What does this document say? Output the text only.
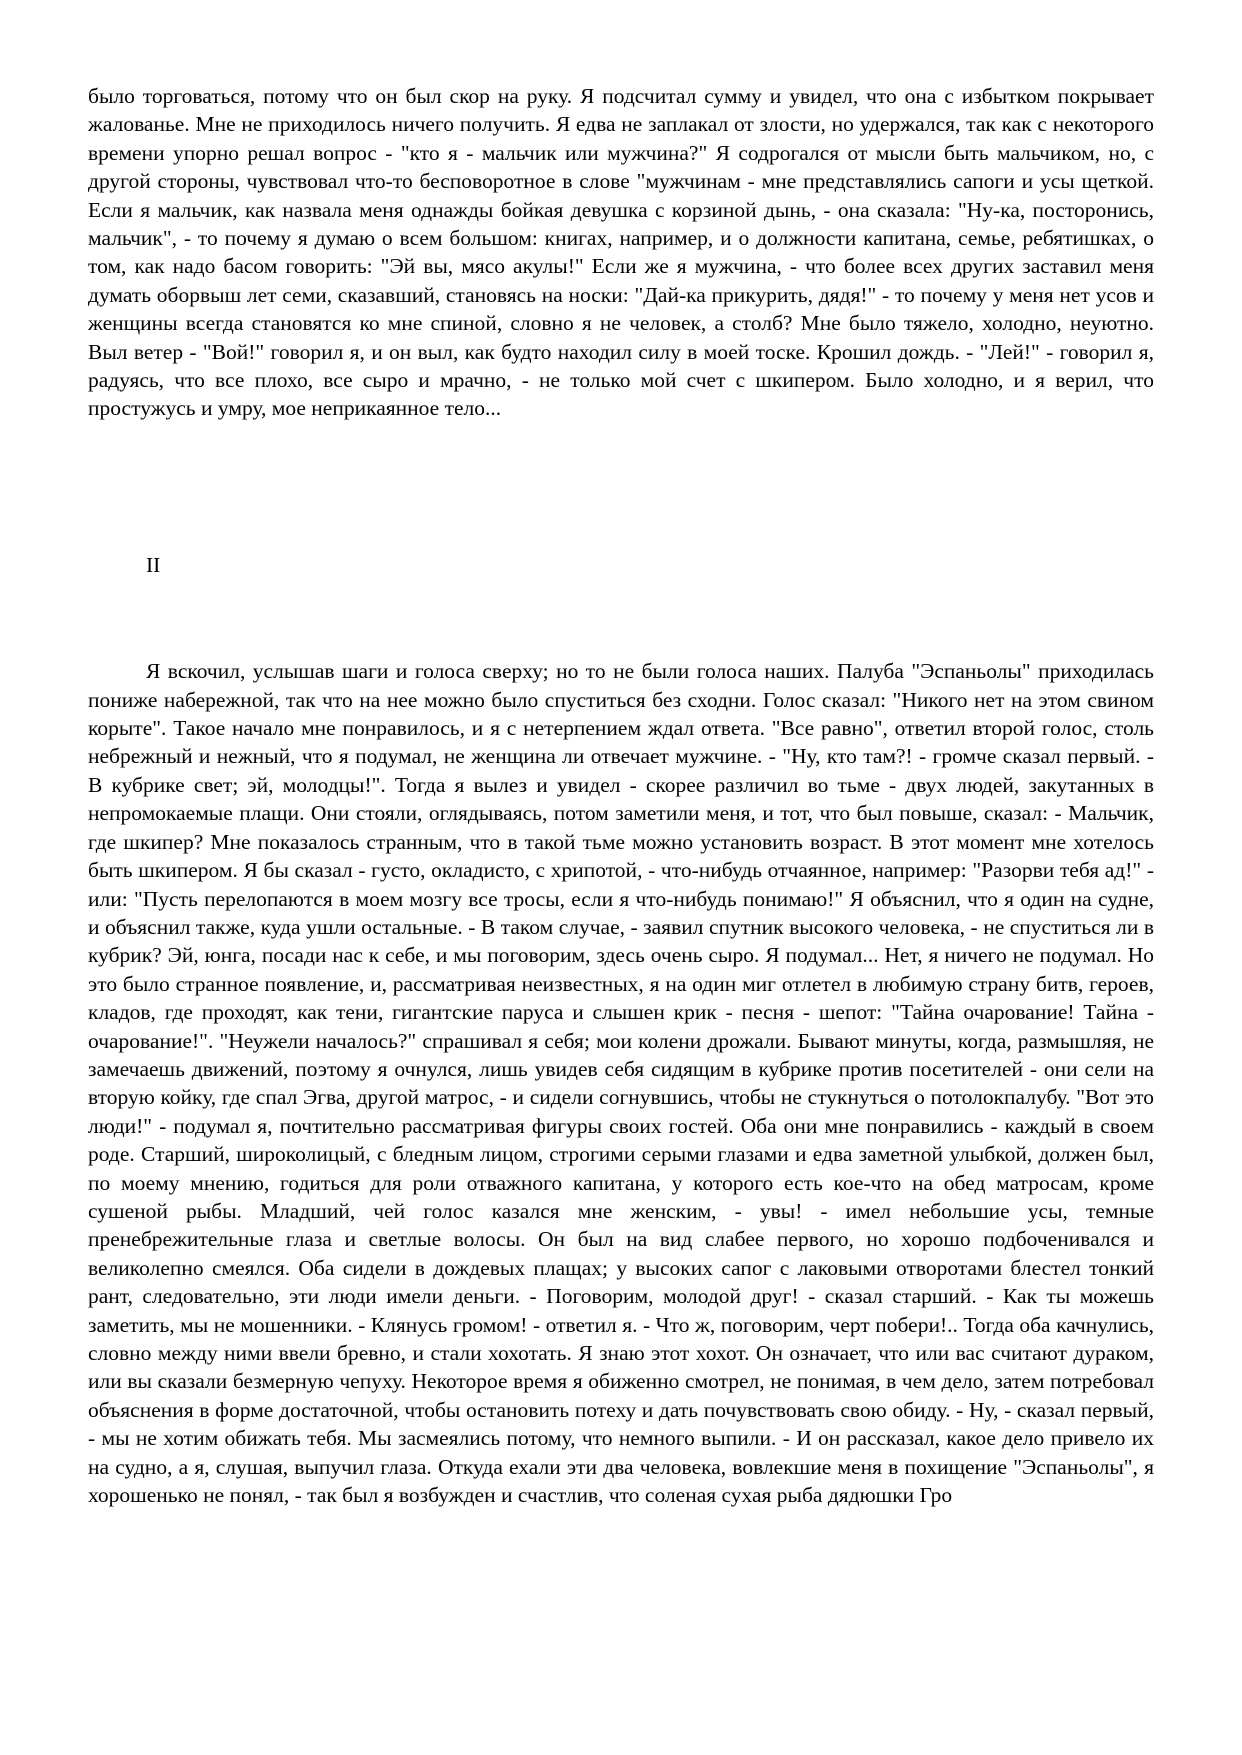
было торговаться, потому что он был скор на руку. Я подсчитал сумму и увидел, что она с избытком покрывает жалованье. Мне не приходилось ничего получить. Я едва не заплакал от злости, но удержался, так как с некоторого времени упорно решал вопрос - "кто я - мальчик или мужчина?" Я содрогался от мысли быть мальчиком, но, с другой стороны, чувствовал что-то бесповоротное в слове "мужчинам - мне представлялись сапоги и усы щеткой. Если я мальчик, как назвала меня однажды бойкая девушка с корзиной дынь, - она сказала: "Ну-ка, посторонись, мальчик", - то почему я думаю о всем большом: книгах, например, и о должности капитана, семье, ребятишках, о том, как надо басом говорить: "Эй вы, мясо акулы!" Если же я мужчина, - что более всех других заставил меня думать оборвыш лет семи, сказавший, становясь на носки: "Дай-ка прикурить, дядя!" - то почему у меня нет усов и женщины всегда становятся ко мне спиной, словно я не человек, а столб? Мне было тяжело, холодно, неуютно. Выл ветер - "Вой!" говорил я, и он выл, как будто находил силу в моей тоске. Крошил дождь. - "Лей!" - говорил я, радуясь, что все плохо, все сыро и мрачно, - не только мой счет с шкипером. Было холодно, и я верил, что простужусь и умру, мое неприкаянное тело...

II

Я вскочил, услышав шаги и голоса сверху; но то не были голоса наших. Палуба "Эспаньолы" приходилась пониже набережной, так что на нее можно было спуститься без сходни. Голос сказал: "Никого нет на этом свином корыте". Такое начало мне понравилось, и я с нетерпением ждал ответа. "Все равно", ответил второй голос, столь небрежный и нежный, что я подумал, не женщина ли отвечает мужчине. - "Ну, кто там?! - громче сказал первый. - В кубрике свет; эй, молодцы!". Тогда я вылез и увидел - скорее различил во тьме - двух людей, закутанных в непромокаемые плащи. Они стояли, оглядываясь, потом заметили меня, и тот, что был повыше, сказал: - Мальчик, где шкипер? Мне показалось странным, что в такой тьме можно установить возраст. В этот момент мне хотелось быть шкипером. Я бы сказал - густо, окладисто, с хрипотой, - что-нибудь отчаянное, например: "Разорви тебя ад!" - или: "Пусть перелопаются в моем мозгу все тросы, если я что-нибудь понимаю!" Я объяснил, что я один на судне, и объяснил также, куда ушли остальные. - В таком случае, - заявил спутник высокого человека, - не спуститься ли в кубрик? Эй, юнга, посади нас к себе, и мы поговорим, здесь очень сыро. Я подумал... Нет, я ничего не подумал. Но это было странное появление, и, рассматривая неизвестных, я на один миг отлетел в любимую страну битв, героев, кладов, где проходят, как тени, гигантские паруса и слышен крик - песня - шепот: "Тайна очарование! Тайна - очарование!". "Неужели началось?" спрашивал я себя; мои колени дрожали. Бывают минуты, когда, размышляя, не замечаешь движений, поэтому я очнулся, лишь увидев себя сидящим в кубрике против посетителей - они сели на вторую койку, где спал Эгва, другой матрос, - и сидели согнувшись, чтобы не стукнуться о потолокпалубу. "Вот это люди!" - подумал я, почтительно рассматривая фигуры своих гостей. Оба они мне понравились - каждый в своем роде. Старший, широколицый, с бледным лицом, строгими серыми глазами и едва заметной улыбкой, должен был, по моему мнению, годиться для роли отважного капитана, у которого есть кое-что на обед матросам, кроме сушеной рыбы. Младший, чей голос казался мне женским, - увы! - имел небольшие усы, темные пренебрежительные глаза и светлые волосы. Он был на вид слабее первого, но хорошо подбоченивался и великолепно смеялся. Оба сидели в дождевых плащах; у высоких сапог с лаковыми отворотами блестел тонкий рант, следовательно, эти люди имели деньги. - Поговорим, молодой друг! - сказал старший. - Как ты можешь заметить, мы не мошенники. - Клянусь громом! - ответил я. - Что ж, поговорим, черт побери!.. Тогда оба качнулись, словно между ними ввели бревно, и стали хохотать. Я знаю этот хохот. Он означает, что или вас считают дураком, или вы сказали безмерную чепуху. Некоторое время я обиженно смотрел, не понимая, в чем дело, затем потребовал объяснения в форме достаточной, чтобы остановить потеху и дать почувствовать свою обиду. - Ну, - сказал первый, - мы не хотим обижать тебя. Мы засмеялись потому, что немного выпили. - И он рассказал, какое дело привело их на судно, а я, слушая, выпучил глаза. Откуда ехали эти два человека, вовлекшие меня в похищение "Эспаньолы", я хорошенько не понял, - так был я возбужден и счастлив, что соленая сухая рыба дядюшки Гро
